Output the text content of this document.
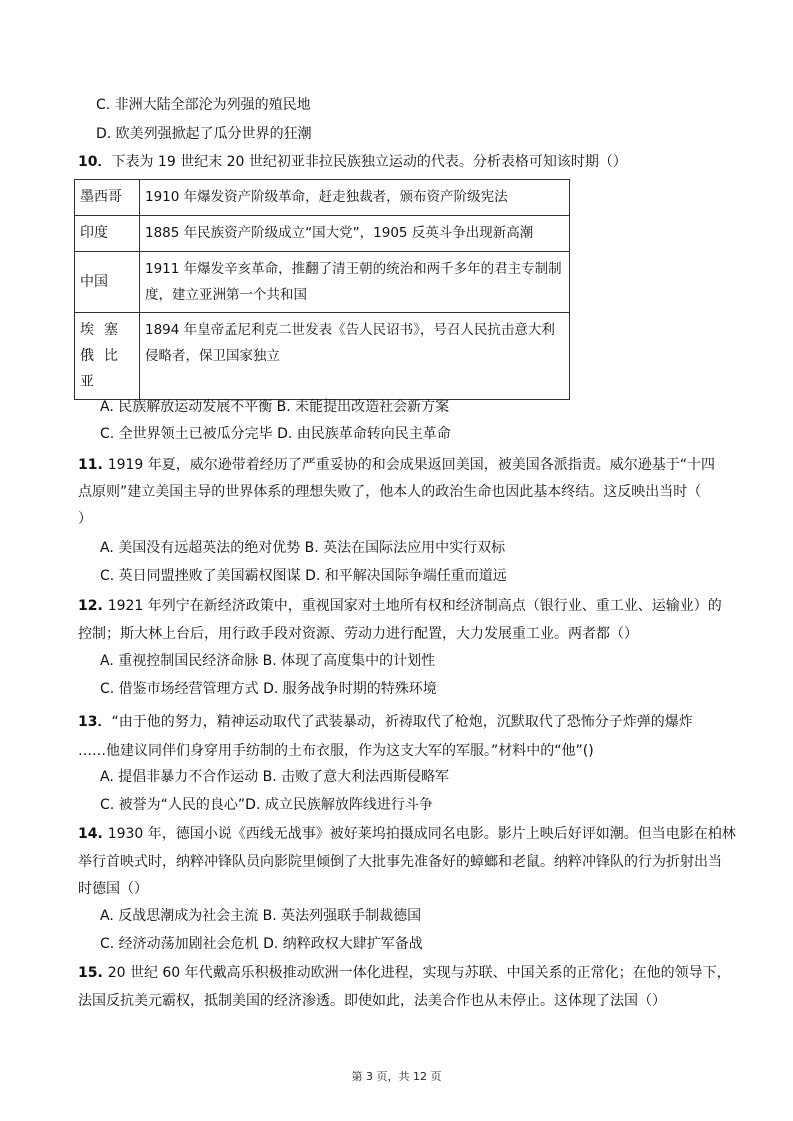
C. 非洲大陆全部沦为列强的殖民地
D. 欧美列强掀起了瓜分世界的狂潮
10．下表为 19 世纪末 20 世纪初亚非拉民族独立运动的代表。分析表格可知该时期（）
墨西哥	1910 年爆发资产阶级革命，赶走独裁者，颁布资产阶级宪法
印度	1885 年民族资产阶级成立“国大党”，1905 反英斗争出现新高潮
中国	1911 年爆发辛亥革命，推翻了清王朝的统治和两千多年的君主专制制度，建立亚洲第一个共和国
埃塞俄比亚	1894 年皇帝孟尼利克二世发表《告人民诏书》，号召人民抗击意大利侵略者，保卫国家独立
A. 民族解放运动发展不平衡 B. 未能提出改造社会新方案
C. 全世界领土已被瓜分完毕 D. 由民族革命转向民主革命
11. 1919 年夏，威尔逊带着经历了严重妥协的和会成果返回美国，被美国各派指责。威尔逊基于“十四
点原则”建立美国主导的世界体系的理想失败了，他本人的政治生命也因此基本终结。这反映出当时（
）
A. 美国没有远超英法的绝对优势 B. 英法在国际法应用中实行双标
C. 英日同盟挫败了美国霸权图谋 D. 和平解决国际争端任重而道远
12. 1921 年列宁在新经济政策中，重视国家对土地所有权和经济制高点（银行业、重工业、运输业）的
控制；斯大林上台后，用行政手段对资源、劳动力进行配置，大力发展重工业。两者都（）
A. 重视控制国民经济命脉 B. 体现了高度集中的计划性
C. 借鉴市场经营管理方式 D. 服务战争时期的特殊环境
13．“由于他的努力，精神运动取代了武装暴动，祈祷取代了枪炮，沉默取代了恐怖分子炸弹的爆炸
……他建议同伴们身穿用手纺制的土布衣服，作为这支大军的军服。”材料中的“他”()
A. 提倡非暴力不合作运动 B. 击败了意大利法西斯侵略军
C. 被誉为“人民的良心”D. 成立民族解放阵线进行斗争
14. 1930 年，德国小说《西线无战事》被好莱坞拍摄成同名电影。影片上映后好评如潮。但当电影在柏林
举行首映式时，纳粹冲锋队员向影院里倾倒了大批事先准备好的蟑螂和老鼠。纳粹冲锋队的行为折射出当
时德国（）
A. 反战思潮成为社会主流 B. 英法列强联手制裁德国
C. 经济动荡加剧社会危机 D. 纳粹政权大肆扩军备战
15. 20 世纪 60 年代戴高乐积极推动欧洲一体化进程，实现与苏联、中国关系的正常化；在他的领导下，
法国反抗美元霸权，抵制美国的经济渗透。即使如此，法美合作也从未停止。这体现了法国（）
第 3 页，共 12 页
